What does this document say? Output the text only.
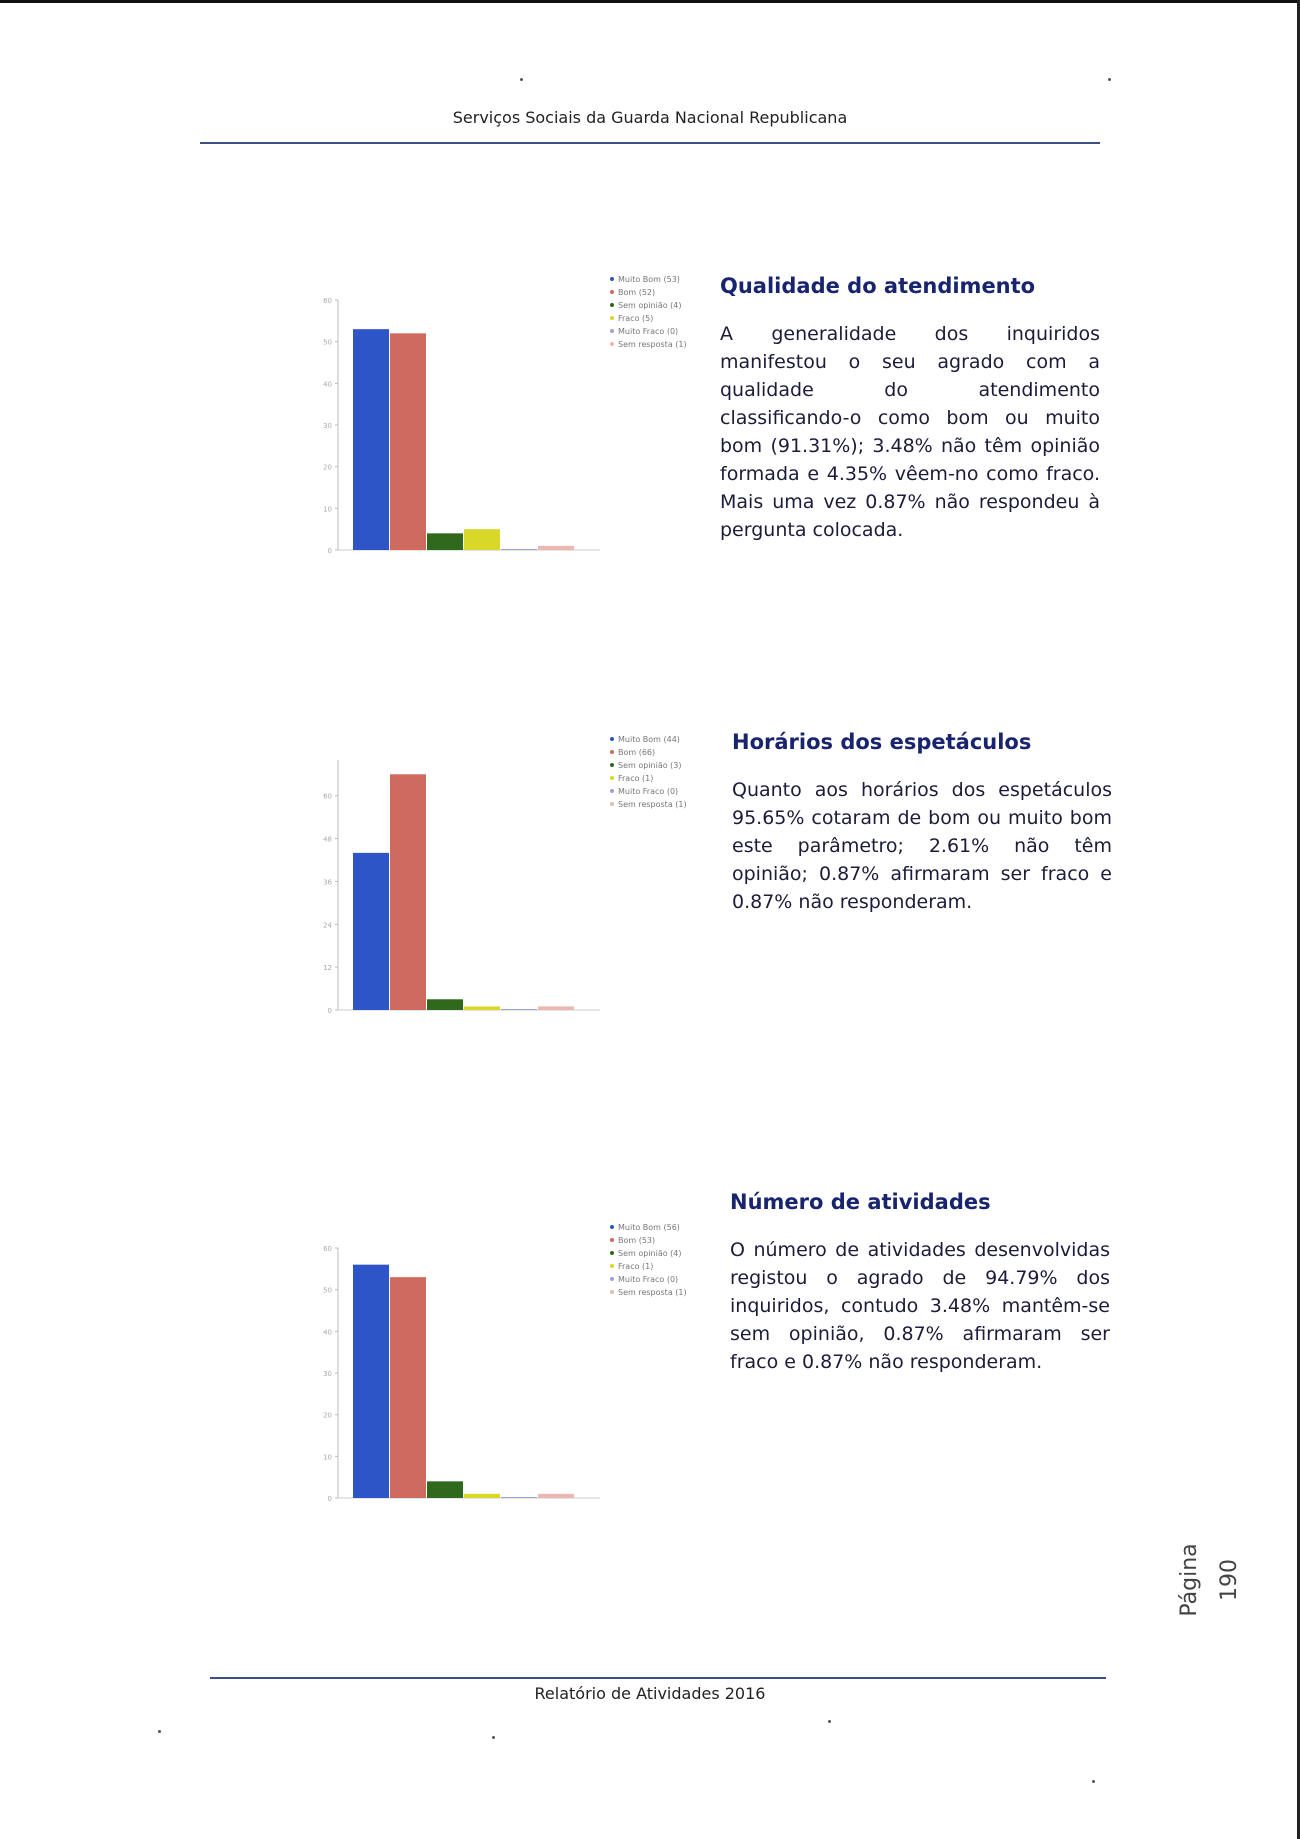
Serviços Sociais da Guarda Nacional Republicana
0
10
20
30
40
50
60
Muito Bom (53)
Bom (52)
Sem opinião (4)
Fraco (5)
Muito Fraco (0)
Sem resposta (1)
Qualidade do atendimento

A generalidade dos inquiridos manifestou o seu agrado com a qualidade do atendimento classificando-o como bom ou muito bom (91.31%); 3.48% não têm opinião formada e 4.35% vêem-no como fraco. Mais uma vez 0.87% não respondeu à pergunta colocada.

0
12
24
36
48
60
Muito Bom (44)
Bom (66)
Sem opinião (3)
Fraco (1)
Muito Fraco (0)
Sem resposta (1)
Horários dos espetáculos

Quanto aos horários dos espetáculos 95.65% cotaram de bom ou muito bom este parâmetro; 2.61% não têm opinião; 0.87% afirmaram ser fraco e 0.87% não responderam.

0
10
20
30
40
50
60
Muito Bom (56)
Bom (53)
Sem opinião (4)
Fraco (1)
Muito Fraco (0)
Sem resposta (1)
Número de atividades

O número de atividades desenvolvidas registou o agrado de 94.79% dos inquiridos, contudo 3.48% mantêm-se sem opinião, 0.87% afirmaram ser fraco e 0.87% não responderam.

Página 190
Relatório de Atividades 2016
